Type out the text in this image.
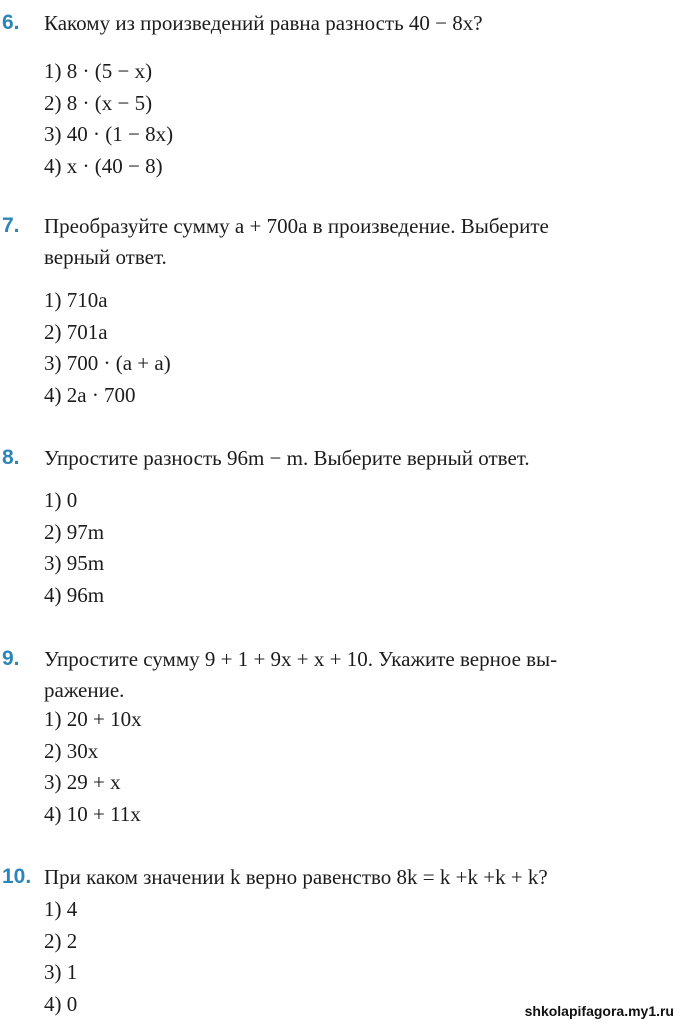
6. Какому из произведений равна разность 40 − 8x?

1) 8 · (5 − x)
2) 8 · (x − 5)
3) 40 · (1 − 8x)
4) x · (40 − 8)
7. Преобразуйте сумму a + 700a в произведение. Выберите
верный ответ.

1) 710a
2) 701a
3) 700 · (a + a)
4) 2a · 700
8. Упростите разность 96m − m. Выберите верный ответ.

1) 0
2) 97m
3) 95m
4) 96m
9. Упростите сумму 9 + 1 + 9x + x + 10. Укажите верное вы-
ражение.

1) 20 + 10x
2) 30x
3) 29 + x
4) 10 + 11x
10. При каком значении k верно равенство 8k = k +k +k + k?

1) 4
2) 2
3) 1
4) 0	shkolapifagora.my1.ru
